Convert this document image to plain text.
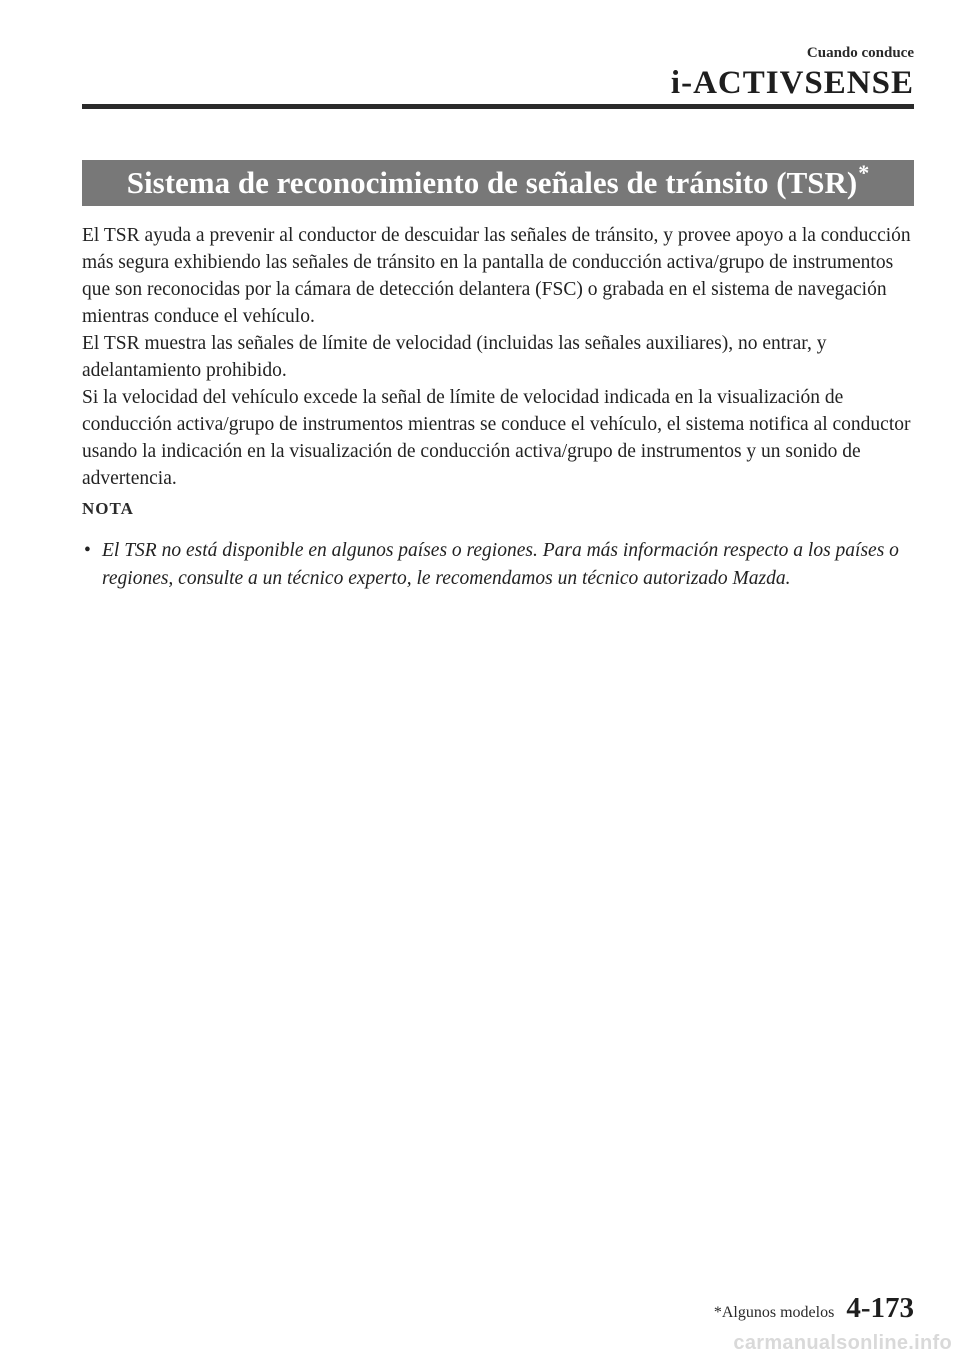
Cuando conduce
i-ACTIVSENSE
Sistema de reconocimiento de señales de tránsito (TSR) *

El TSR ayuda a prevenir al conductor de descuidar las señales de tránsito, y provee apoyo a la conducción más segura exhibiendo las señales de tránsito en la pantalla de conducción activa/grupo de instrumentos que son reconocidas por la cámara de detección delantera (FSC) o grabada en el sistema de navegación mientras conduce el vehículo.

El TSR muestra las señales de límite de velocidad (incluidas las señales auxiliares), no entrar, y adelantamiento prohibido.

Si la velocidad del vehículo excede la señal de límite de velocidad indicada en la visualización de conducción activa/grupo de instrumentos mientras se conduce el vehículo, el sistema notifica al conductor usando la indicación en la visualización de conducción activa/grupo de instrumentos y un sonido de advertencia.

NOTA
• El TSR no está disponible en algunos países o regiones. Para más información respecto a los países o regiones, consulte a un técnico experto, le recomendamos un técnico autorizado Mazda.
*Algunos modelos 4-173
carmanualsonline.info
